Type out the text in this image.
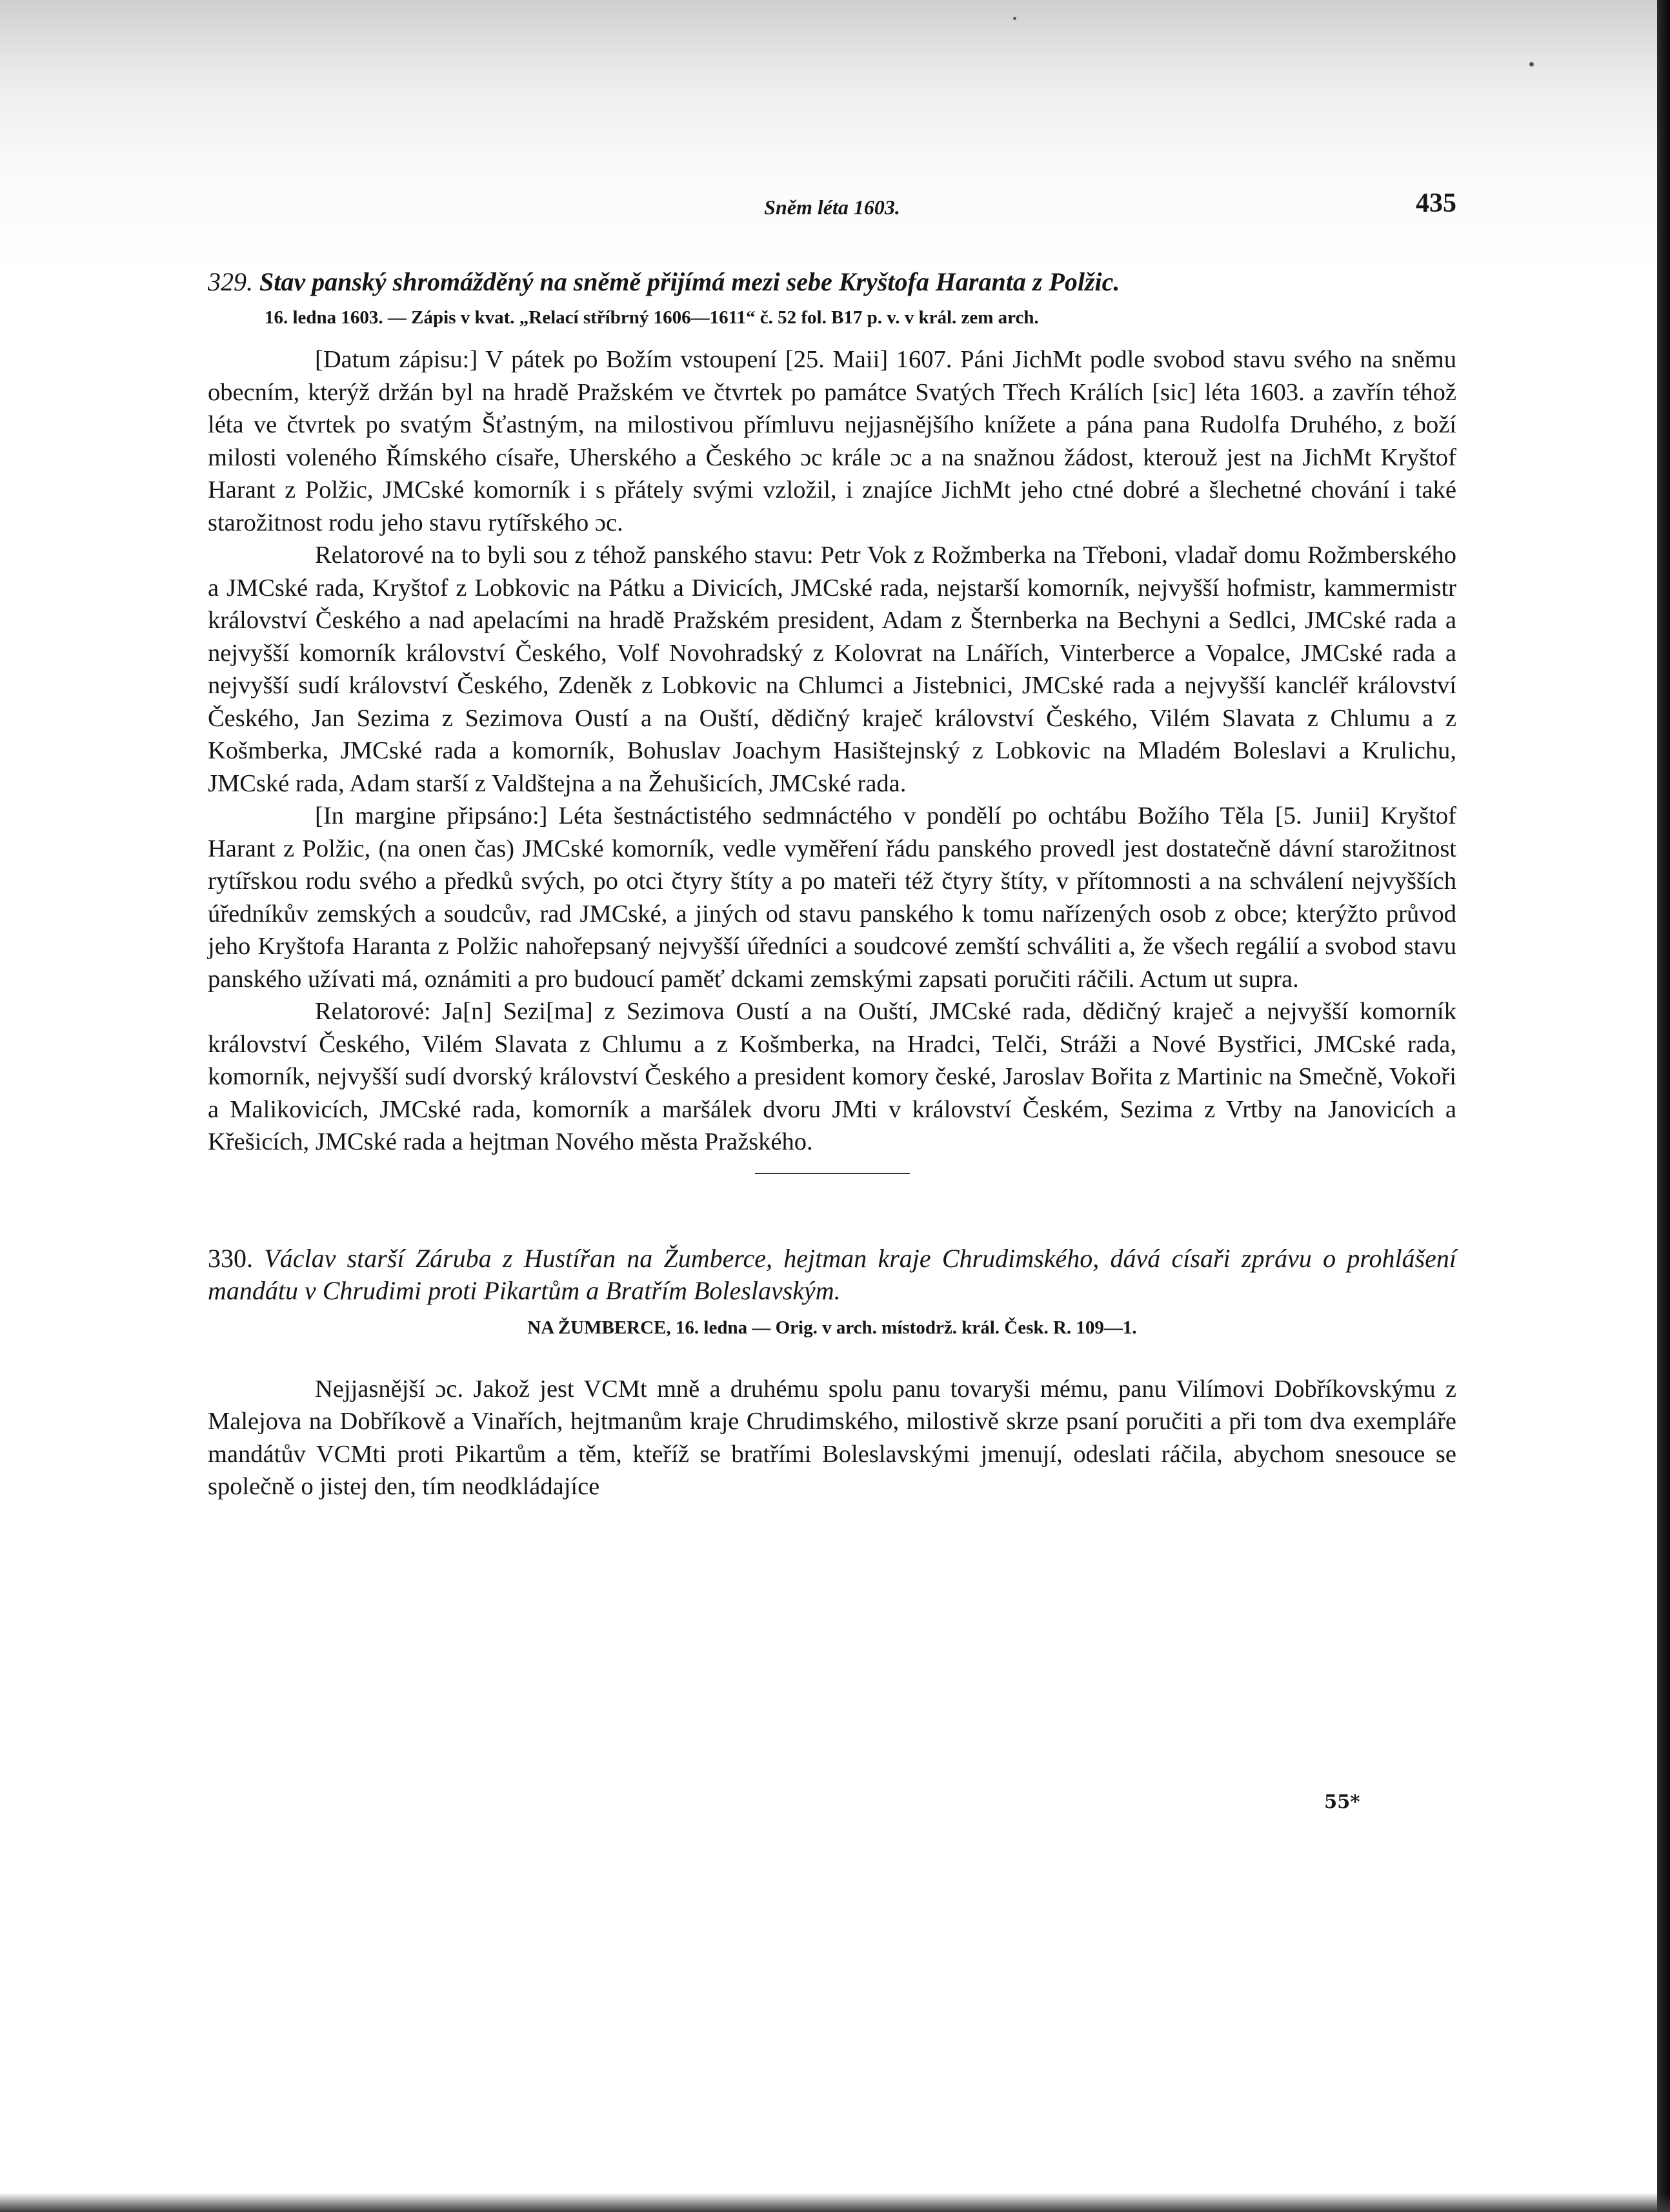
Sněm léta 1603.	435
329. Stav panský shromážděný na sněmě přijímá mezi sebe Kryštofa Haranta z Polžic.
16. ledna 1603. — Zápis v kvat. „Relací stříbrný 1606—1611“ č. 52 fol. B17 p. v. v král. zem arch.

[Datum zápisu:] V pátek po Božím vstoupení [25. Maii] 1607. Páni JichMt podle svobod stavu svého na sněmu obecním, kterýž držán byl na hradě Pražském ve čtvrtek po památce Svatých Třech Králích [sic] léta 1603. a zavřín téhož léta ve čtvrtek po svatým Šťastným, na milostivou přímluvu nejjasnějšího knížete a pána pana Rudolfa Druhého, z boží milosti voleného Římského císaře, Uherského a Českého ɔc krále ɔc a na snažnou žádost, kterouž jest na JichMt Kryštof Harant z Polžic, JMCské komorník i s přátely svými vzložil, i znajíce JichMt jeho ctné dobré a šlechetné chování i také starožitnost rodu jeho stavu rytířského ɔc.

Relatorové na to byli sou z téhož panského stavu: Petr Vok z Rožmberka na Třeboni, vladař domu Rožmberského a JMCské rada, Kryštof z Lobkovic na Pátku a Divicích, JMCské rada, nejstarší komorník, nejvyšší hofmistr, kammermistr království Českého a nad apelacími na hradě Pražském president, Adam z Šternberka na Bechyni a Sedlci, JMCské rada a nejvyšší komorník království Českého, Volf Novohradský z Kolovrat na Lnářích, Vinterberce a Vopalce, JMCské rada a nejvyšší sudí království Českého, Zdeněk z Lobkovic na Chlumci a Jistebnici, JMCské rada a nejvyšší kancléř království Českého, Jan Sezima z Sezimova Oustí a na Ouští, dědičný kraječ království Českého, Vilém Slavata z Chlumu a z Košmberka, JMCské rada a komorník, Bohuslav Joachym Hasištejnský z Lobkovic na Mladém Boleslavi a Krulichu, JMCské rada, Adam starší z Valdštejna a na Žehušicích, JMCské rada.

[In margine připsáno:] Léta šestnáctistého sedmnáctého v pondělí po ochtábu Božího Těla [5. Junii] Kryštof Harant z Polžic, (na onen čas) JMCské komorník, vedle vyměření řádu panského provedl jest dostatečně dávní starožitnost rytířskou rodu svého a předků svých, po otci čtyry štíty a po mateři též čtyry štíty, v přítomnosti a na schválení nejvyšších úředníkův zemských a soudcův, rad JMCské, a jiných od stavu panského k tomu nařízených osob z obce; kterýžto průvod jeho Kryštofa Haranta z Polžic nahořepsaný nejvyšší úředníci a soudcové zemští schváliti a, že všech regálií a svobod stavu panského užívati má, oznámiti a pro budoucí paměť dckami zemskými zapsati poručiti ráčili. Actum ut supra.

Relatorové: Ja[n] Sezi[ma] z Sezimova Oustí a na Ouští, JMCské rada, dědičný kraječ a nejvyšší komorník království Českého, Vilém Slavata z Chlumu a z Košmberka, na Hradci, Telči, Stráži a Nové Bystřici, JMCské rada, komorník, nejvyšší sudí dvorský království Českého a president komory české, Jaroslav Bořita z Martinic na Smečně, Vokoři a Malikovicích, JMCské rada, komorník a maršálek dvoru JMti v království Českém, Sezima z Vrtby na Janovicích a Křešicích, JMCské rada a hejtman Nového města Pražského.

330. Václav starší Záruba z Hustířan na Žumberce, hejtman kraje Chrudimského, dává císaři zprávu o prohlášení mandátu v Chrudimi proti Pikartům a Bratřím Boleslavským.
NA ŽUMBERCE, 16. ledna — Orig. v arch. místodrž. král. Česk. R. 109—1.

Nejjasnější ɔc. Jakož jest VCMt mně a druhému spolu panu tovaryši mému, panu Vilímovi Dobříkovskýmu z Malejova na Dobříkově a Vinařích, hejtmanům kraje Chrudimského, milostivě skrze psaní poručiti a při tom dva exempláře mandátův VCMti proti Pikartům a těm, kteříž se bratřími Boleslavskými jmenují, odeslati ráčila, abychom snesouce se společně o jistej den, tím neodkládajíce

55*
